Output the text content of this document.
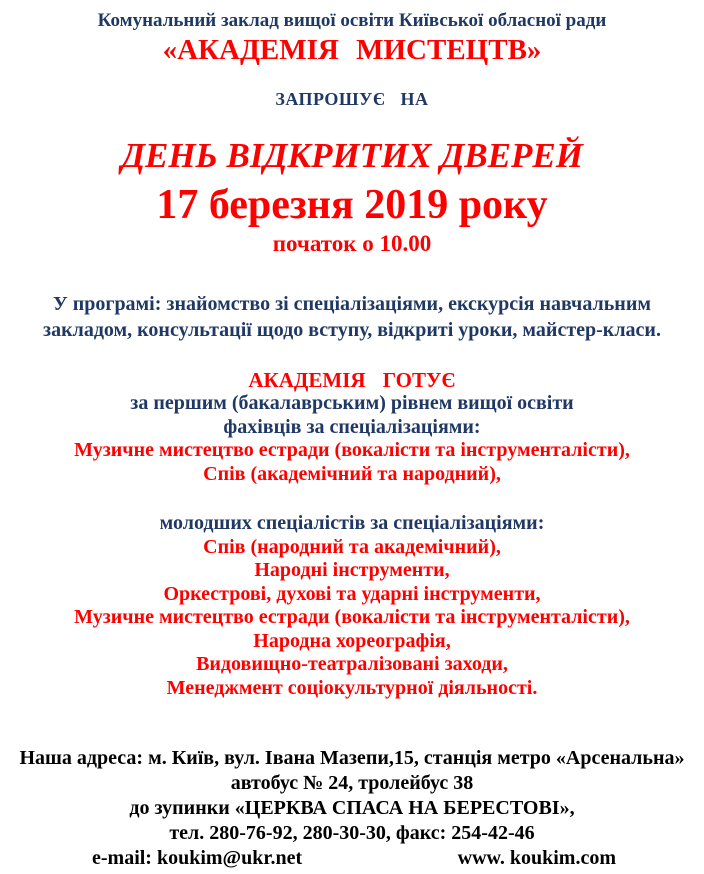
Комунальний заклад вищої освіти Київської обласної ради
«АКАДЕМІЯ МИСТЕЦТВ»
ЗАПРОШУЄ НА
ДЕНЬ ВІДКРИТИХ ДВЕРЕЙ
17 березня 2019 року
початок о 10.00
У програмі: знайомство зі спеціалізаціями, екскурсія навчальним закладом, консультації щодо вступу, відкриті уроки, майстер-класи.
АКАДЕМІЯ ГОТУЄ
за першим (бакалаврським) рівнем вищої освіти
фахівців за спеціалізаціями:
Музичне мистецтво естради (вокалісти та інструменталісти),
Спів (академічний та народний),
молодших спеціалістів за спеціалізаціями:
Спів (народний та академічний),
Народні інструменти,
Оркестрові, духові та ударні інструменти,
Музичне мистецтво естради (вокалісти та інструменталісти),
Народна хореографія,
Видовищно-театралізовані заходи,
Менеджмент соціокультурної діяльності.
Наша адреса: м. Київ, вул. Івана Мазепи,15, станція метро «Арсенальна»
автобус № 24, тролейбус 38
до зупинки «ЦЕРКВА СПАСА НА БЕРЕСТОВІ»,
тел. 280-76-92, 280-30-30, факс: 254-42-46
e-mail: koukim@ukr.net	www. koukim.com
